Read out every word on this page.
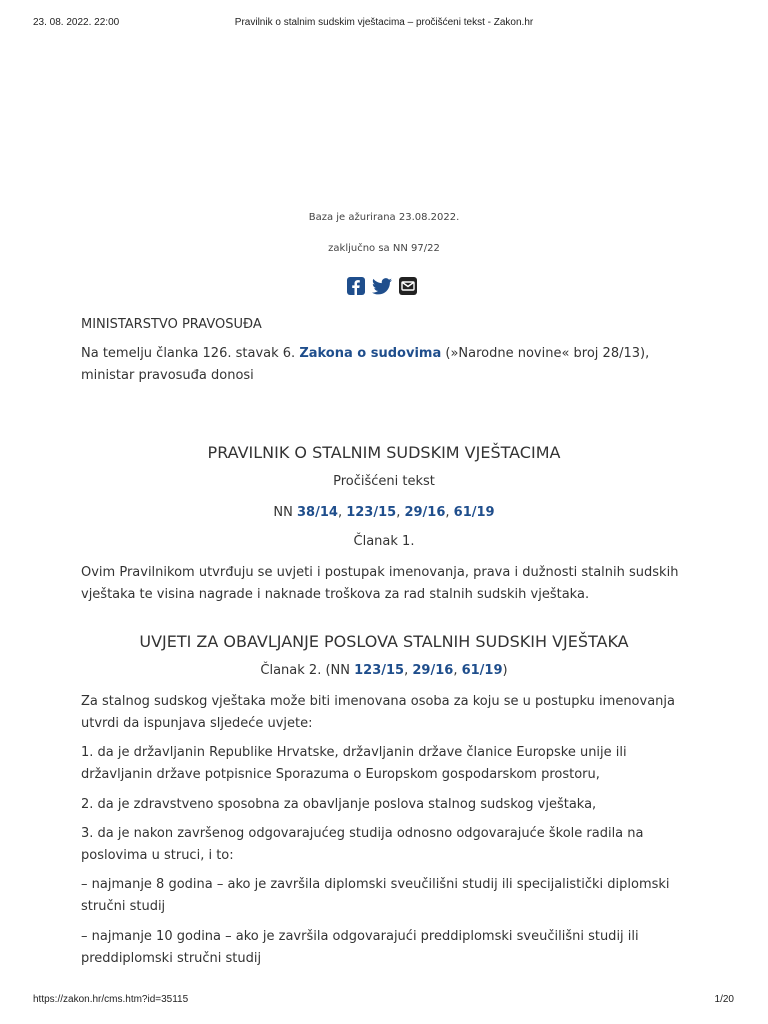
23. 08. 2022. 22:00	Pravilnik o stalnim sudskim vještacima – pročišćeni tekst - Zakon.hr
Baza je ažurirana 23.08.2022.
zaključno sa NN 97/22
MINISTARSTVO PRAVOSUĐA

Na temelju članka 126. stavak 6. Zakona o sudovima (»Narodne novine« broj 28/13), ministar pravosuđa donosi

PRAVILNIK O STALNIM SUDSKIM VJEŠTACIMA
Pročišćeni tekst
NN 38/14, 123/15, 29/16, 61/19
Članak 1.
Ovim Pravilnikom utvrđuju se uvjeti i postupak imenovanja, prava i dužnosti stalnih sudskih vještaka te visina nagrade i naknade troškova za rad stalnih sudskih vještaka.
UVJETI ZA OBAVLJANJE POSLOVA STALNIH SUDSKIH VJEŠTAKA
Članak 2. (NN 123/15, 29/16, 61/19)
Za stalnog sudskog vještaka može biti imenovana osoba za koju se u postupku imenovanja utvrdi da ispunjava sljedeće uvjete:
1. da je državljanin Republike Hrvatske, državljanin države članice Europske unije ili državljanin države potpisnice Sporazuma o Europskom gospodarskom prostoru,
2. da je zdravstveno sposobna za obavljanje poslova stalnog sudskog vještaka,
3. da je nakon završenog odgovarajućeg studija odnosno odgovarajuće škole radila na poslovima u struci, i to:
– najmanje 8 godina – ako je završila diplomski sveučilišni studij ili specijalistički diplomski stručni studij
– najmanje 10 godina – ako je završila odgovarajući preddiplomski sveučilišni studij ili preddiplomski stručni studij
https://zakon.hr/cms.htm?id=35115	1/20
